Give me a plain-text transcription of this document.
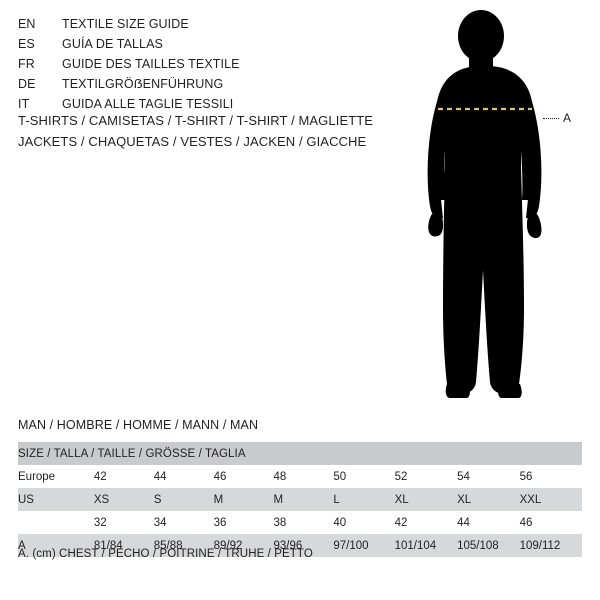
EN	TEXTILE SIZE GUIDE
ES	GUÍA DE TALLAS
FR	GUIDE DES TAILLES TEXTILE
DE	TEXTILGRÖẞENFÜHRUNG
IT	GUIDA ALLE TAGLIE TESSILI
T-SHIRTS / CAMISETAS / T-SHIRT / T-SHIRT / MAGLIETTE
JACKETS / CHAQUETAS / VESTES / JACKEN / GIACCHE
A
MAN / HOMBRE / HOMME / MANN / MAN
SIZE / TALLA / TAILLE / GRÖSSE / TAGLIA								
Europe	42	44	46	48	50	52	54	56
US	XS	S	M	M	L	XL	XL	XXL
	32	34	36	38	40	42	44	46
A	81/84	85/88	89/92	93/96	97/100	101/104	105/108	109/112
A. (cm) CHEST / PECHO / POITRINE / TRUHE / PETTO
